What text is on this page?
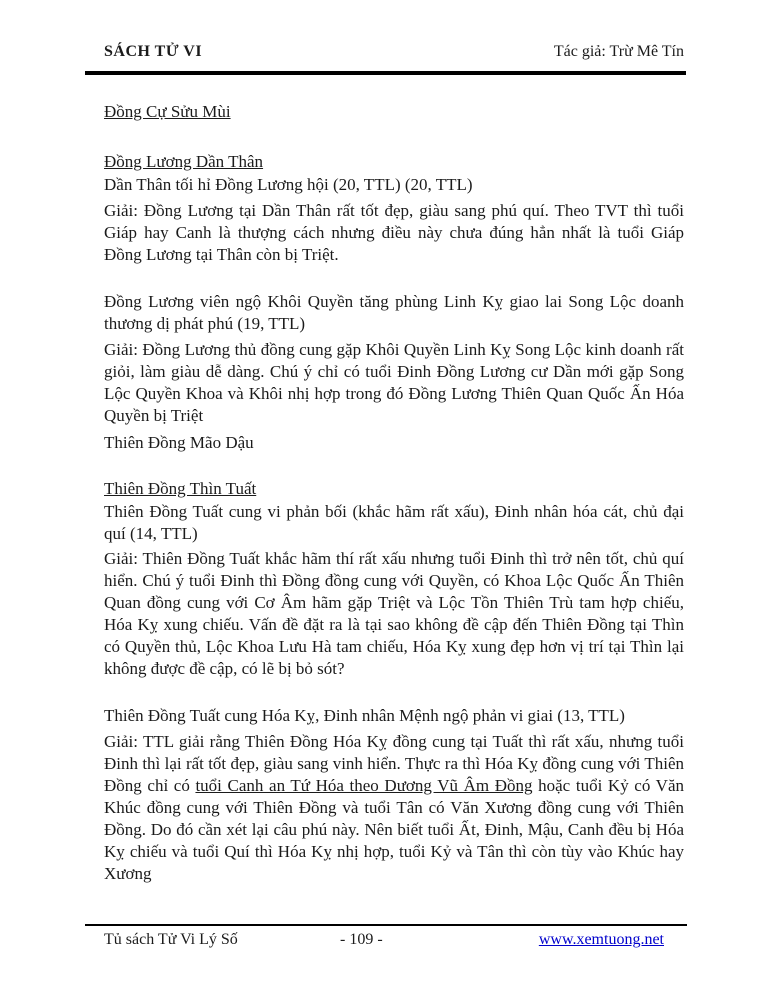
SÁCH TỬ VI	Tác giả: Trừ Mê Tín
Đồng Cự Sửu Mùi
Đồng Lương Dần Thân

Dần Thân tối hỉ Đồng Lương hội (20, TTL) (20, TTL)

Giải: Đồng Lương tại Dần Thân rất tốt đẹp, giàu sang phú quí. Theo TVT thì tuổi Giáp hay Canh là thượng cách nhưng điều này chưa đúng hẳn nhất là tuổi Giáp Đồng Lương tại Thân còn bị Triệt.

Đồng Lương viên ngộ Khôi Quyền tăng phùng Linh Kỵ giao lai Song Lộc doanh thương dị phát phú (19, TTL)

Giải: Đồng Lương thủ đồng cung gặp Khôi Quyền Linh Kỵ Song Lộc kinh doanh rất giỏi, làm giàu dễ dàng. Chú ý chỉ có tuổi Đinh Đồng Lương cư Dần mới gặp Song Lộc Quyền Khoa và Khôi nhị hợp trong đó Đồng Lương Thiên Quan Quốc Ấn Hóa Quyền bị Triệt

Thiên Đồng Mão Dậu

Thiên Đồng Thìn Tuất

Thiên Đồng Tuất cung vi phản bối (khắc hãm rất xấu), Đinh nhân hóa cát, chủ đại quí (14, TTL)

Giải: Thiên Đồng Tuất khắc hãm thí rất xấu nhưng tuổi Đinh thì trở nên tốt, chủ quí hiển. Chú ý tuổi Đinh thì Đồng đồng cung với Quyền, có Khoa Lộc Quốc Ấn Thiên Quan đồng cung với Cơ Âm hãm gặp Triệt và Lộc Tồn Thiên Trù tam hợp chiếu, Hóa Kỵ xung chiếu. Vấn đề đặt ra là tại sao không đề cập đến Thiên Đồng tại Thìn có Quyền thủ, Lộc Khoa Lưu Hà tam chiếu, Hóa Kỵ xung đẹp hơn vị trí tại Thìn lại không được đề cập, có lẽ bị bỏ sót?

Thiên Đồng Tuất cung Hóa Kỵ, Đinh nhân Mệnh ngộ phản vi giai (13, TTL)

Giải: TTL giải rằng Thiên Đồng Hóa Kỵ đồng cung tại Tuất thì rất xấu, nhưng tuổi Đinh thì lại rất tốt đẹp, giàu sang vinh hiển. Thực ra thì Hóa Kỵ đồng cung với Thiên Đồng chỉ có tuổi Canh an Tứ Hóa theo Dương Vũ Âm Đồng hoặc tuổi Kỷ có Văn Khúc đồng cung với Thiên Đồng và tuổi Tân có Văn Xương đồng cung với Thiên Đồng. Do đó cần xét lại câu phú này. Nên biết tuổi Ất, Đinh, Mậu, Canh đều bị Hóa Kỵ chiếu và tuổi Quí thì Hóa Kỵ nhị hợp, tuổi Kỷ và Tân thì còn tùy vào Khúc hay Xương

Tủ sách Tử Vi Lý Số	- 109 -	www.xemtuong.net
